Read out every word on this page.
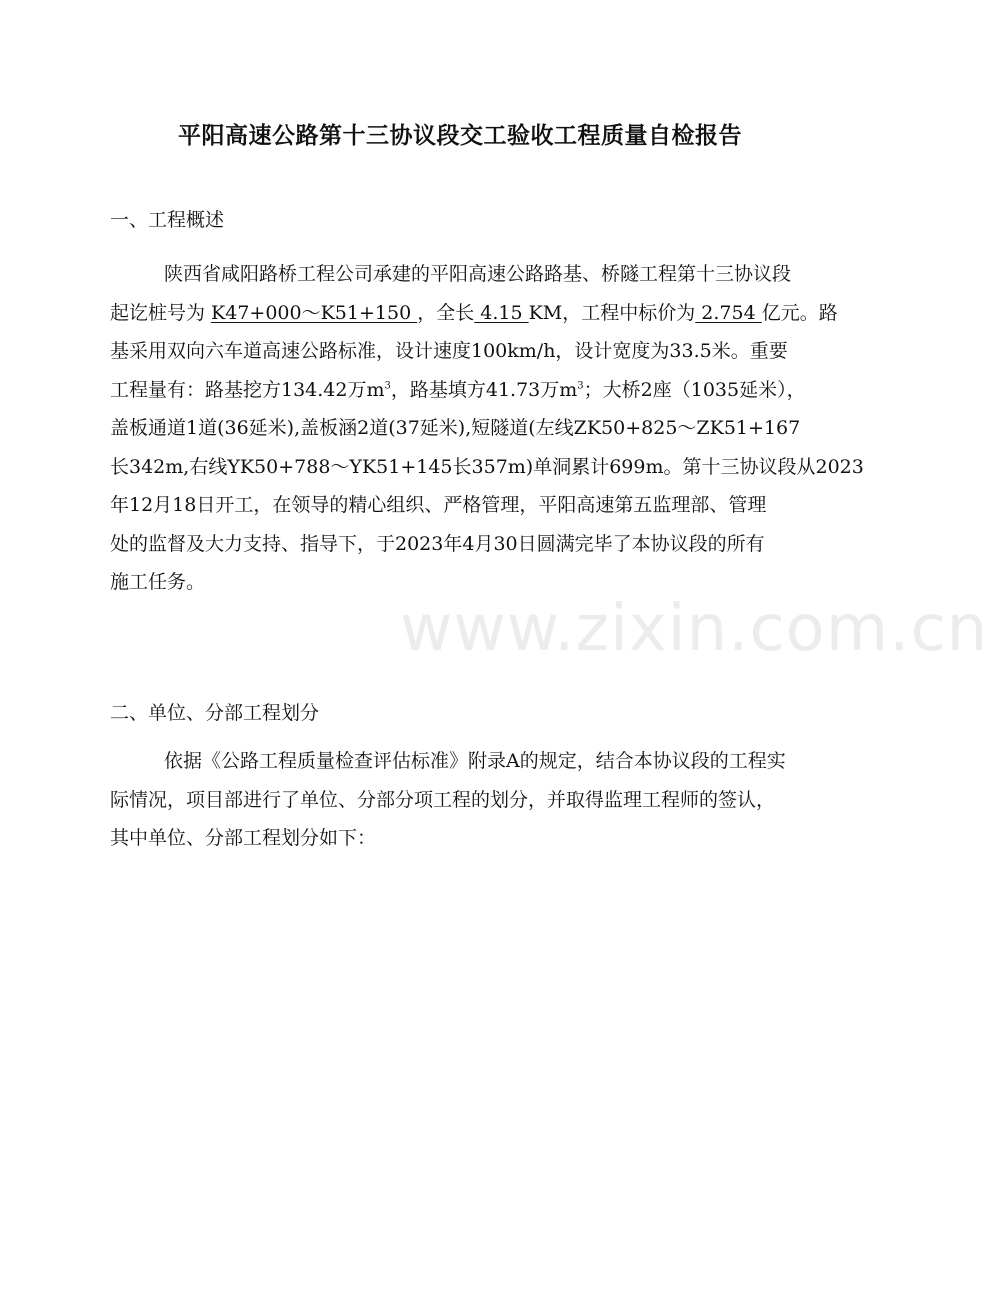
www.zixin.com.cn
平阳高速公路第十三协议段交工验收工程质量自检报告
一、工程概述
陕西省咸阳路桥工程公司承建的平阳高速公路路基、桥隧工程第十三协议段
起讫桩号为 K47+000～K51+150 ，全长 4.15 KM，工程中标价为 2.754 亿元。路
基采用双向六车道高速公路标准，设计速度100km/h，设计宽度为33.5米。重要
工程量有：路基挖方134.42万$m^3$，路基填方41.73万$m^3$；大桥2座（1035延米），
盖板通道1道(36延米),盖板涵2道(37延米),短隧道(左线ZK50+825～ZK51+167
长342m,右线YK50+788～YK51+145长357m)单洞累计699m。第十三协议段从2023
年12月18日开工，在领导的精心组织、严格管理，平阳高速第五监理部、管理
处的监督及大力支持、指导下，于2023年4月30日圆满完毕了本协议段的所有
施工任务。
二、单位、分部工程划分
依据《公路工程质量检查评估标准》附录A的规定，结合本协议段的工程实
际情况，项目部进行了单位、分部分项工程的划分，并取得监理工程师的签认，
其中单位、分部工程划分如下：
